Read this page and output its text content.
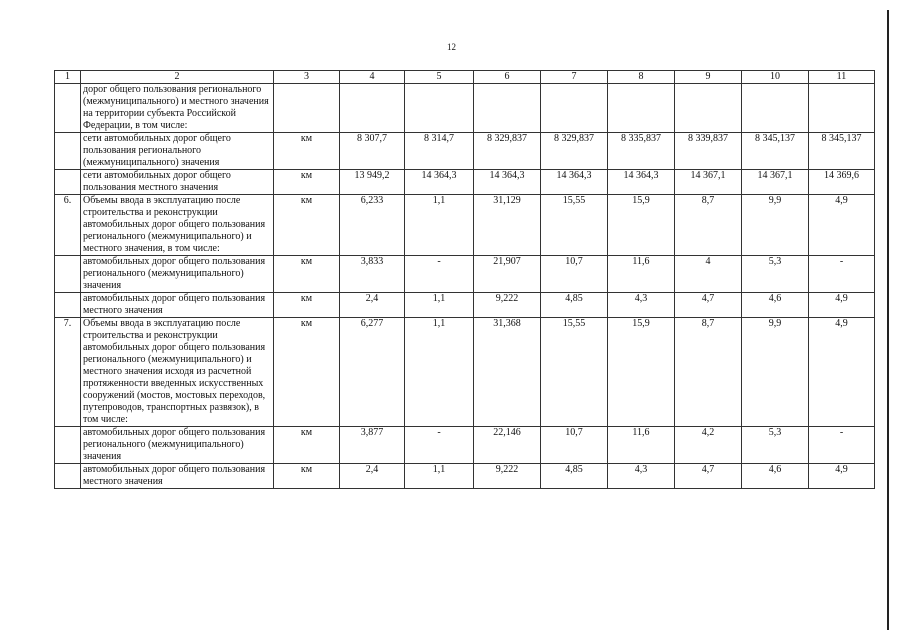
12
1	2	3	4	5	6	7	8	9	10	11
	дорог общего пользования регионального (межмуниципального) и местного значения на территории субъекта Российской Федерации, в том числе:									
	сети автомобильных дорог общего пользования регионального (межмуниципального) значения	км	8 307,7	8 314,7	8 329,837	8 329,837	8 335,837	8 339,837	8 345,137	8 345,137
	сети автомобильных дорог общего пользования местного значения	км	13 949,2	14 364,3	14 364,3	14 364,3	14 364,3	14 367,1	14 367,1	14 369,6
6.	Объемы ввода в эксплуатацию после строительства и реконструкции автомобильных дорог общего пользования регионального (межмуниципального) и местного значения, в том числе:	км	6,233	1,1	31,129	15,55	15,9	8,7	9,9	4,9
	автомобильных дорог общего пользования регионального (межмуниципального) значения	км	3,833	-	21,907	10,7	11,6	4	5,3	-
	автомобильных дорог общего пользования местного значения	км	2,4	1,1	9,222	4,85	4,3	4,7	4,6	4,9
7.	Объемы ввода в эксплуатацию после строительства и реконструкции автомобильных дорог общего пользования регионального (межмуниципального) и местного значения исходя из расчетной протяженности введенных искусственных сооружений (мостов, мостовых переходов, путепроводов, транспортных развязок), в том числе:	км	6,277	1,1	31,368	15,55	15,9	8,7	9,9	4,9
	автомобильных дорог общего пользования регионального (межмуниципального) значения	км	3,877	-	22,146	10,7	11,6	4,2	5,3	-
	автомобильных дорог общего пользования местного значения	км	2,4	1,1	9,222	4,85	4,3	4,7	4,6	4,9
